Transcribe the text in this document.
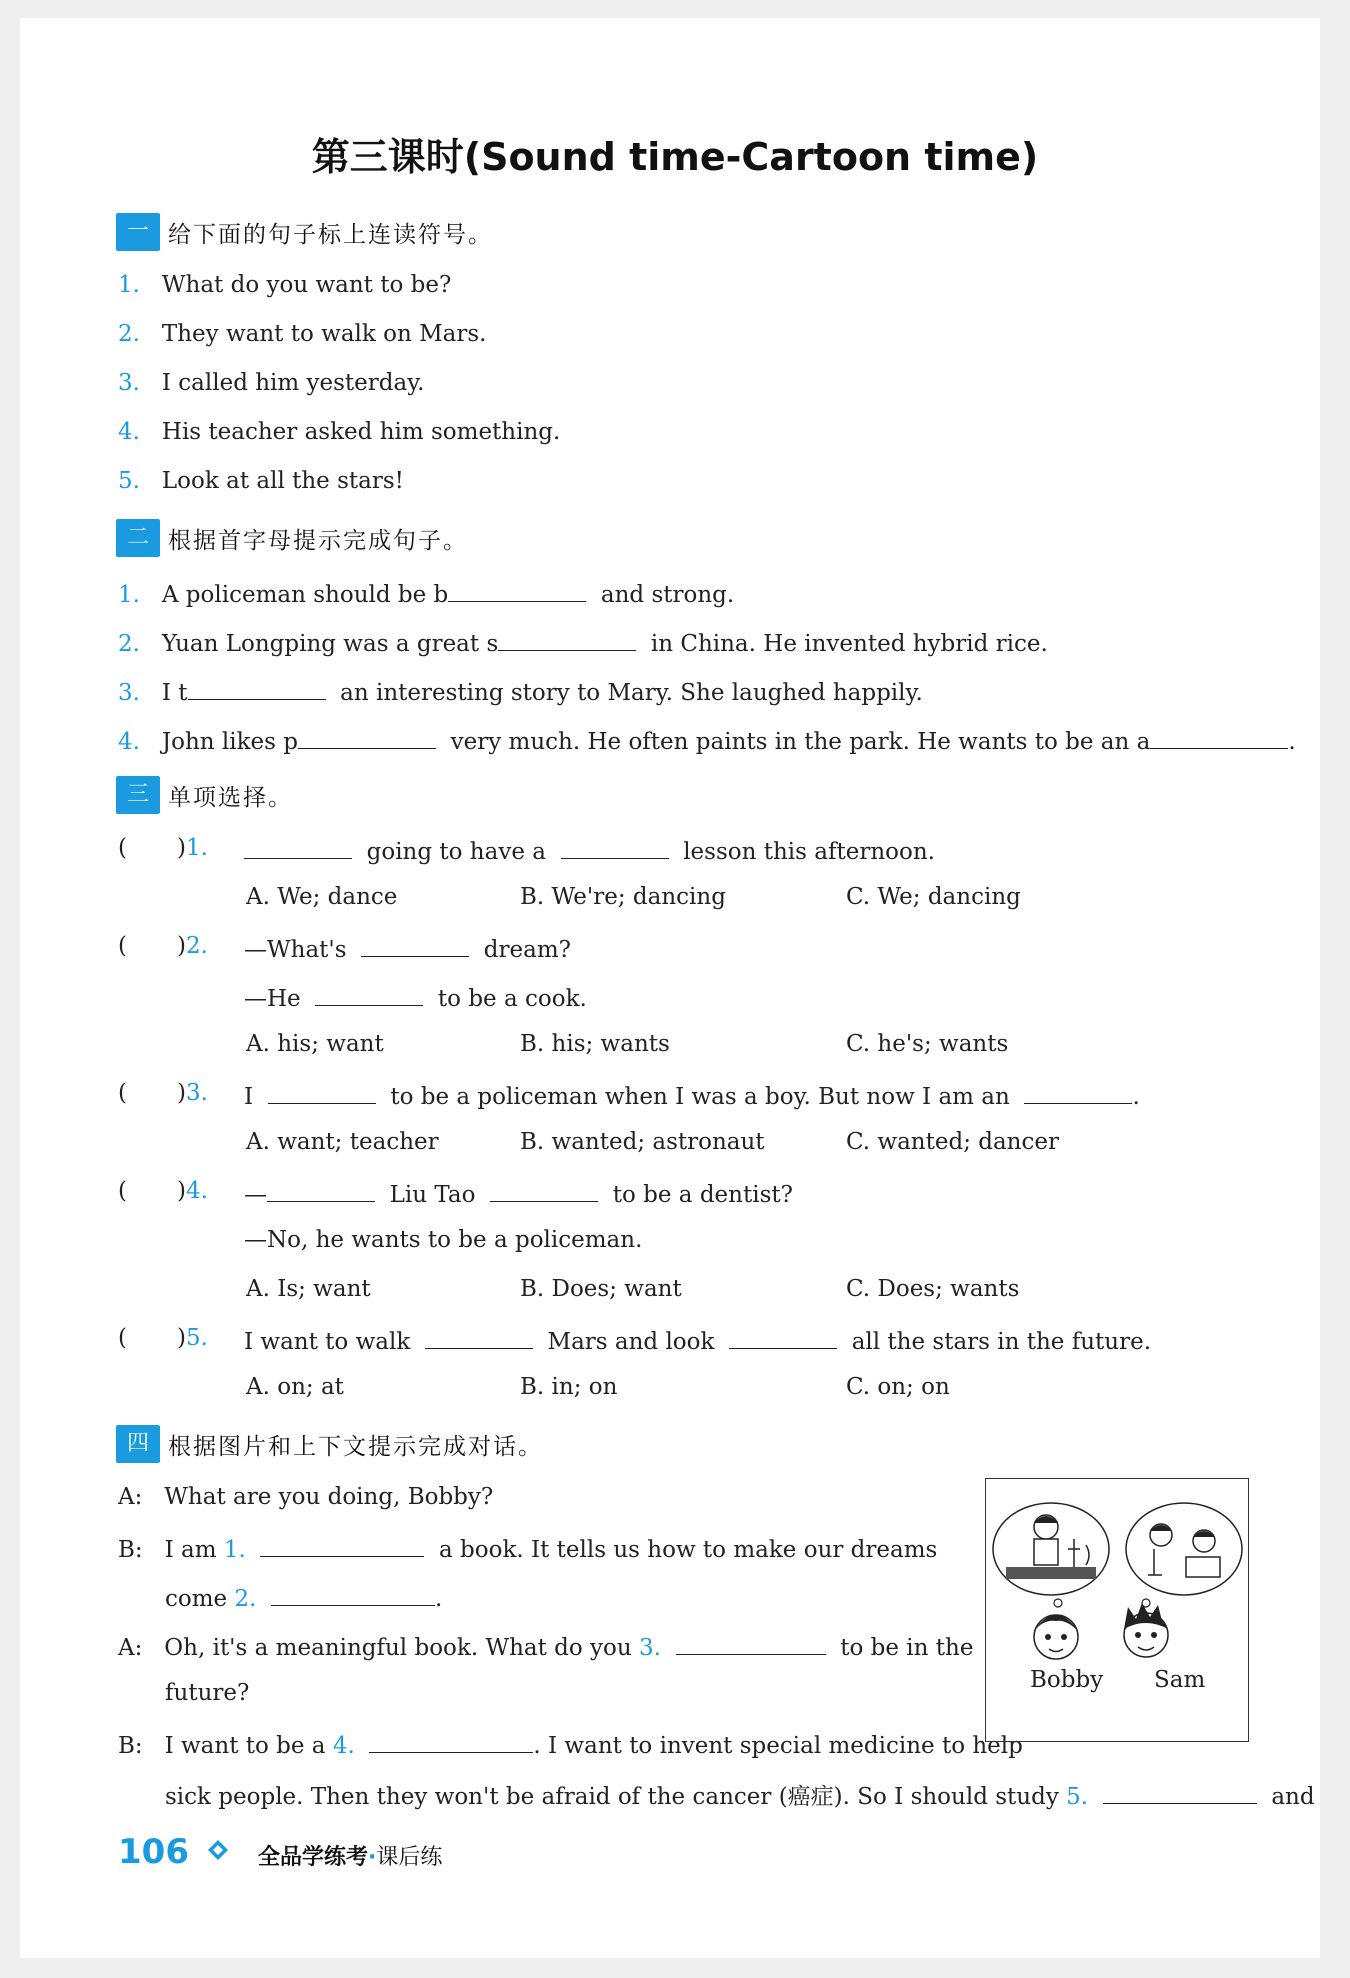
第三课时(Sound time-Cartoon time)
一 给下面的句子标上连读符号。
1. What do you want to be?
2. They want to walk on Mars.
3. I called him yesterday.
4. His teacher asked him something.
5. Look at all the stars!
二 根据首字母提示完成句子。
1. A policeman should be b	and strong.
2. Yuan Longping was a great s	in China. He invented hybrid rice.
3. I t	an interesting story to Mary. She laughed happily.
4. John likes p	very much. He often paints in the park. He wants to be an a	.
三 单项选择。
( )1.	going to have a	lesson this afternoon.
A. We; dance	B. We're; dancing	C. We; dancing
( )2. —What's	dream?
—He	to be a cook.
A. his; want	B. his; wants	C. he's; wants
( )3. I	to be a policeman when I was a boy. But now I am an	.
A. want; teacher	B. wanted; astronaut	C. wanted; dancer
( )4. —	Liu Tao	to be a dentist?
—No, he wants to be a policeman.
A. Is; want	B. Does; want	C. Does; wants
( )5. I want to walk	Mars and look	all the stars in the future.
A. on; at	B. in; on	C. on; on
四 根据图片和上下文提示完成对话。
A: What are you doing, Bobby?
B: I am 1.	a book. It tells us how to make our dreams
come 2.	.
A: Oh, it's a meaningful book. What do you 3.	to be in the
future?
B: I want to be a 4.	. I want to invent special medicine to help
sick people. Then they won't be afraid of the cancer (癌症). So I should study 5.	and
Bobby Sam
106	全品学练考·课后练
